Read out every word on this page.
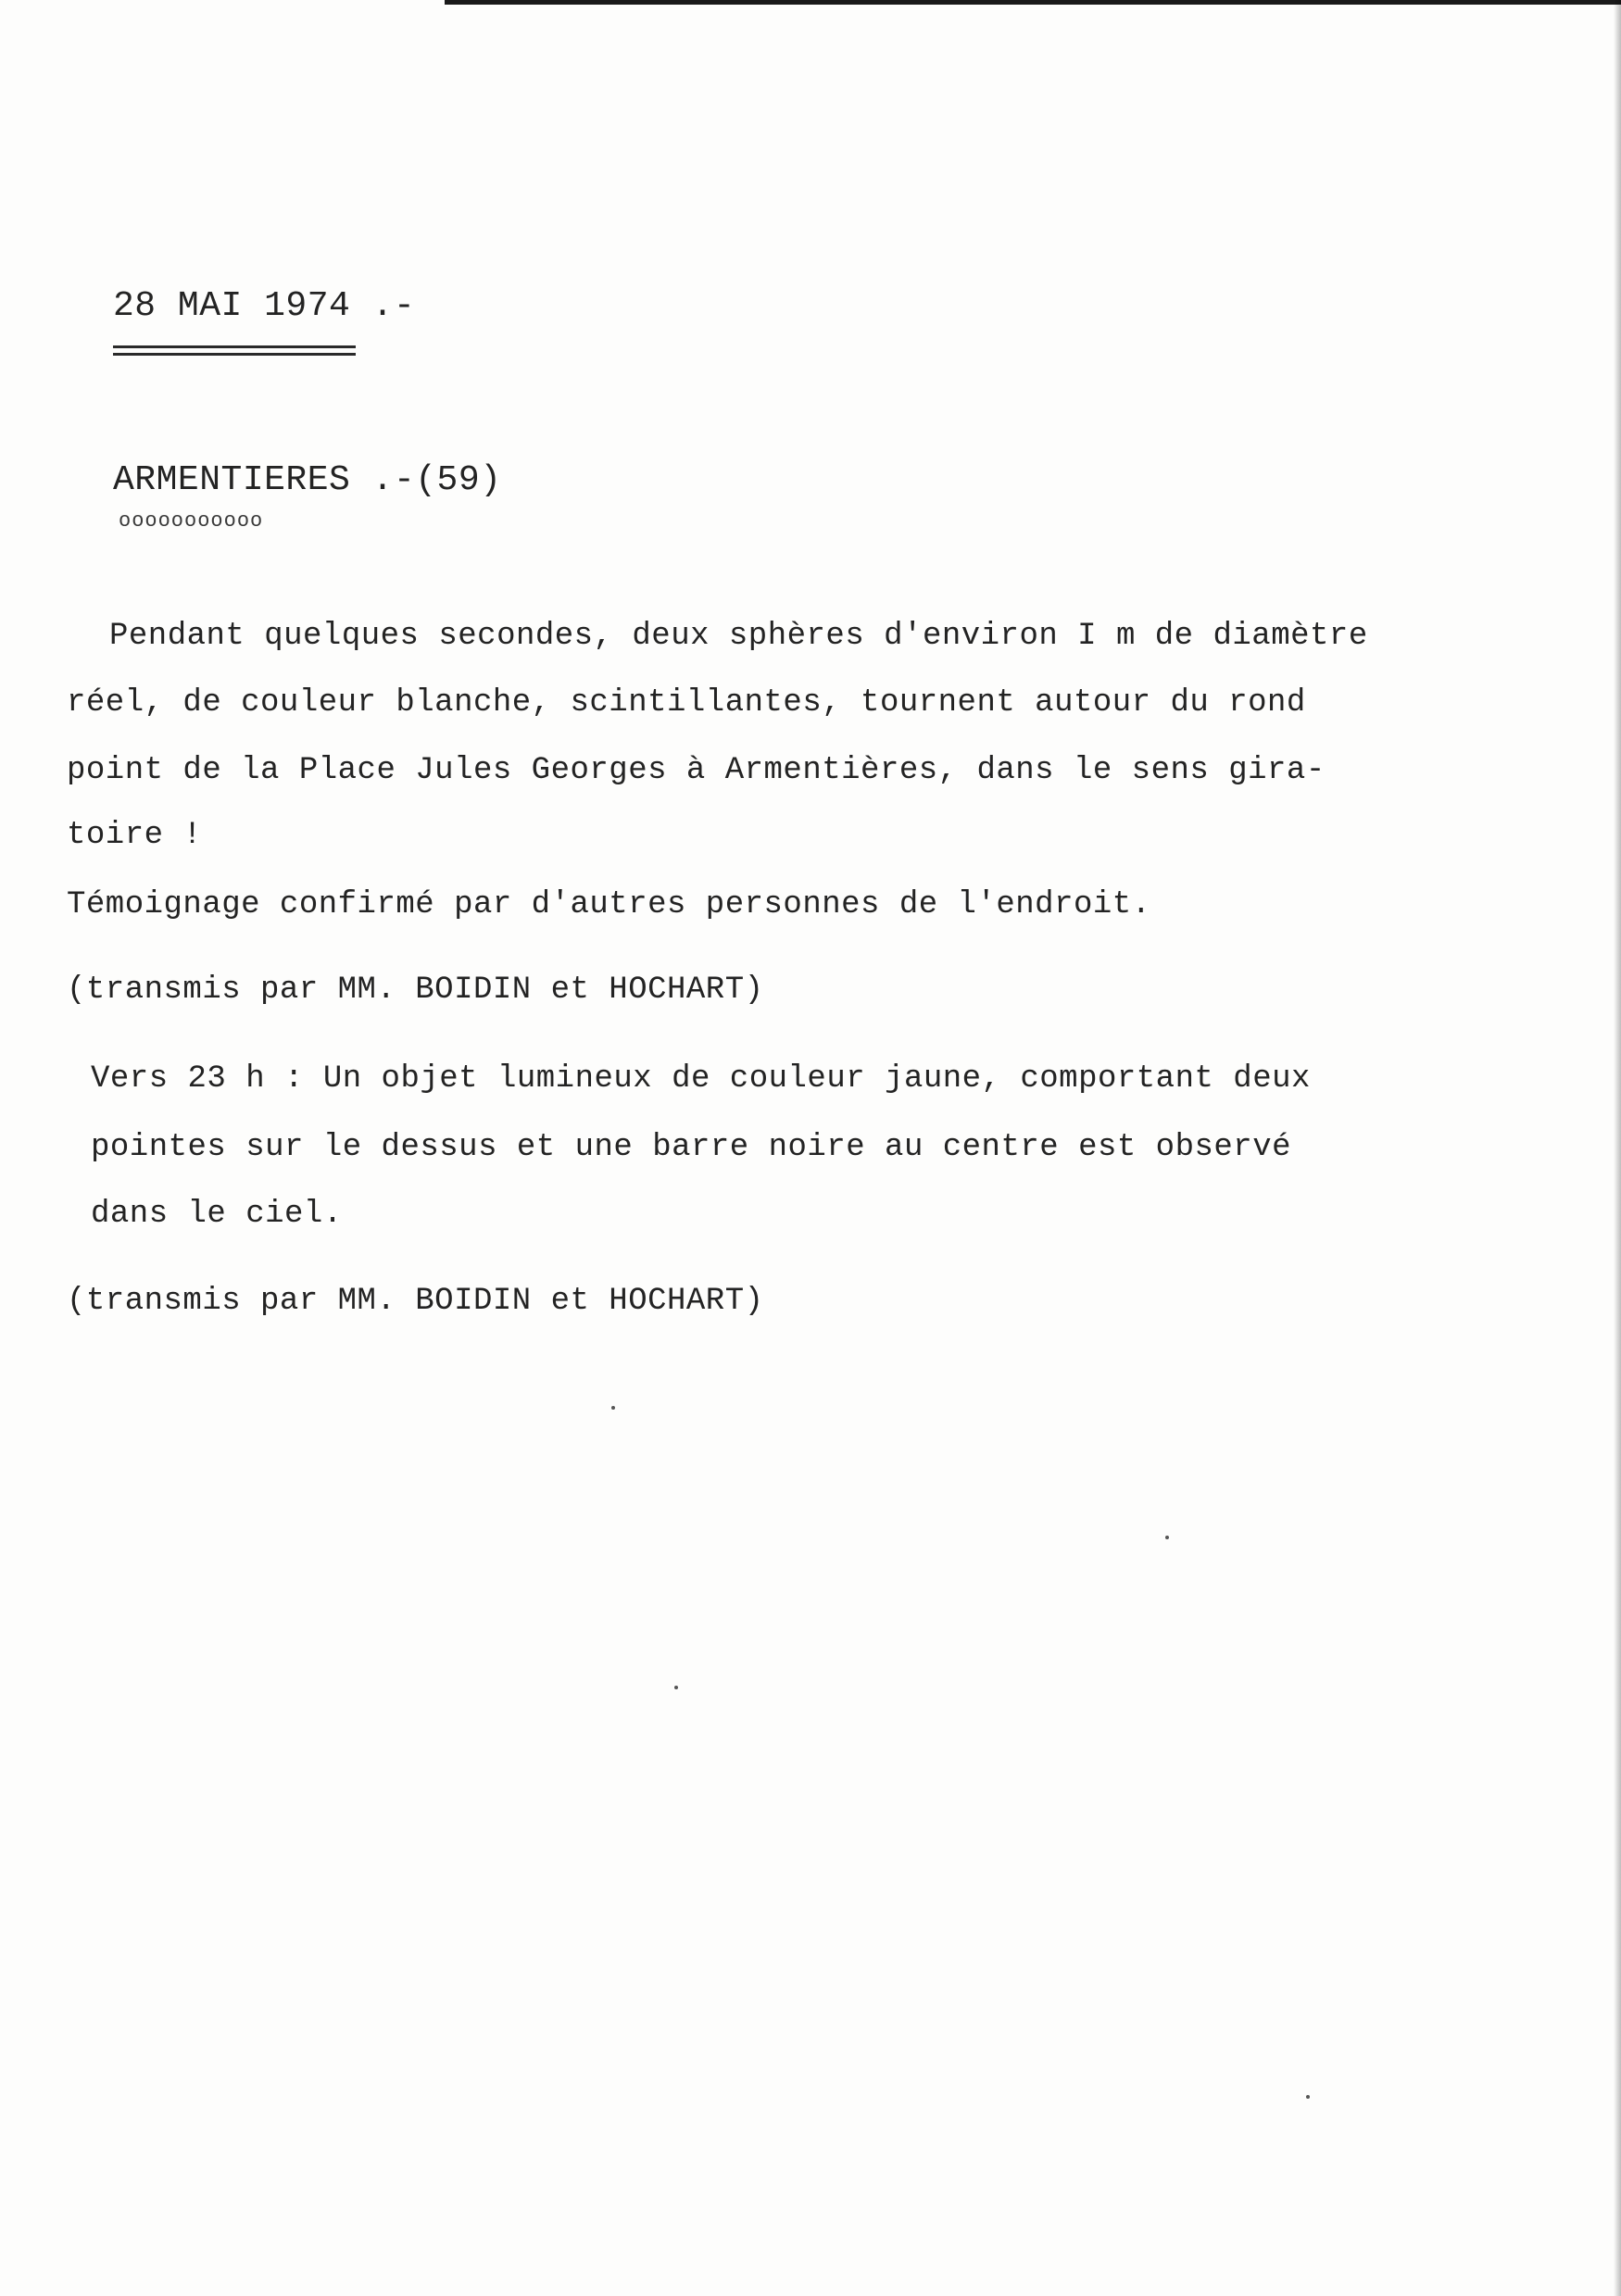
28 MAI 1974 .-
ARMENTIERES .-(59)
ooooooooooo
Pendant quelques secondes, deux sphères d'environ I m de diamètre
réel, de couleur blanche, scintillantes, tournent autour du rond
point de la Place Jules Georges à Armentières, dans le sens gira-
toire !
Témoignage confirmé par d'autres personnes de l'endroit.
(transmis par MM. BOIDIN et HOCHART)
Vers 23 h : Un objet lumineux de couleur jaune, comportant deux
pointes sur le dessus et une barre noire au centre est observé
dans le ciel.
(transmis par MM. BOIDIN et HOCHART)
